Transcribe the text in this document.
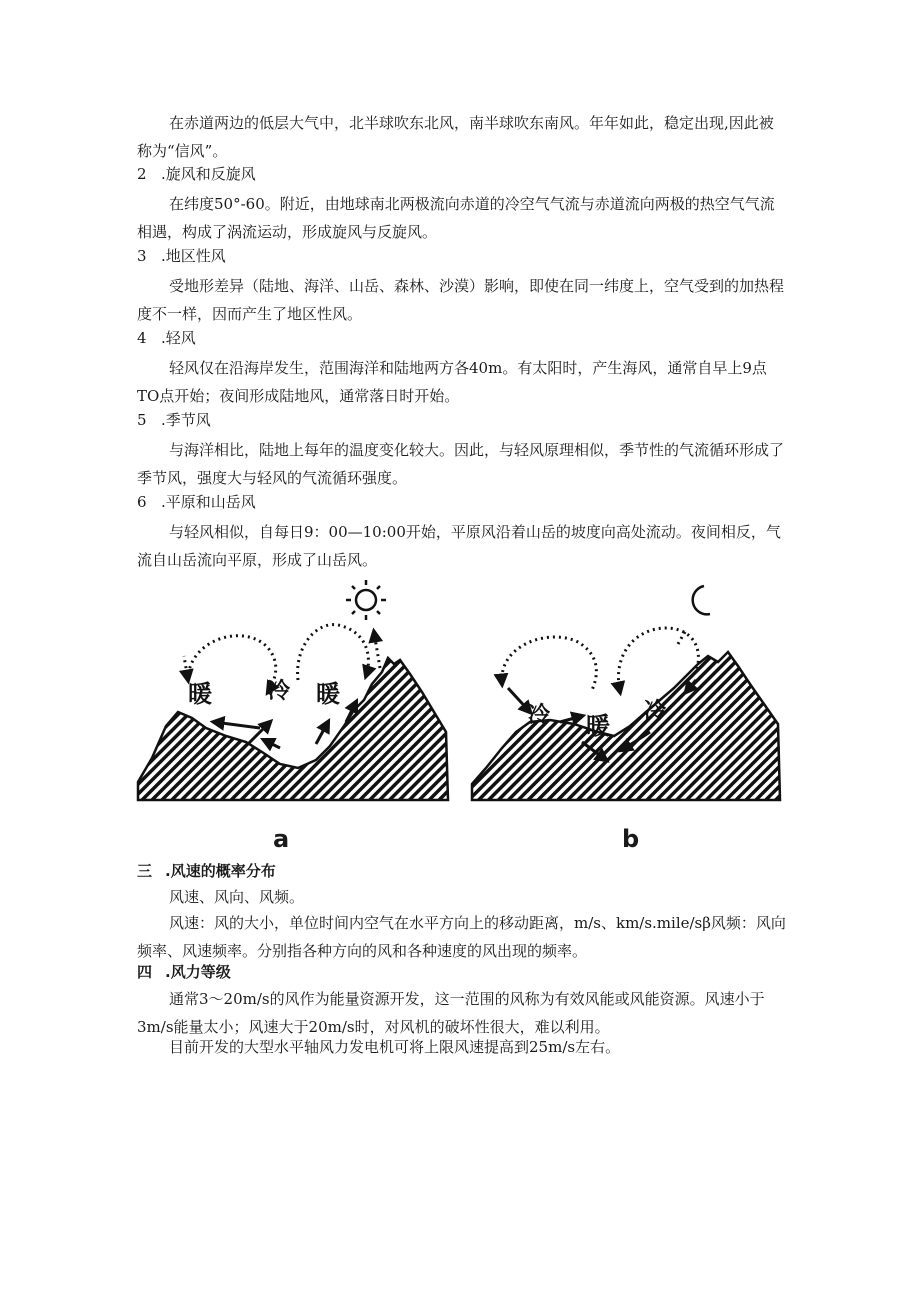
在赤道两边的低层大气中，北半球吹东北风，南半球吹东南风。年年如此，稳定出现,因此被称为“信风”。

2 .旋风和反旋风

在纬度50°-60。附近，由地球南北两极流向赤道的冷空气气流与赤道流向两极的热空气气流相遇，构成了涡流运动，形成旋风与反旋风。

3 .地区性风

受地形差异（陆地、海洋、山岳、森林、沙漠）影响，即使在同一纬度上，空气受到的加热程度不一样，因而产生了地区性风。

4 .轻风

轻风仅在沿海岸发生，范围海洋和陆地两方各40m。有太阳时，产生海风，通常自早上9点TO点开始；夜间形成陆地风，通常落日时开始。

5 .季节风

与海洋相比，陆地上每年的温度变化较大。因此，与轻风原理相似，季节性的气流循环形成了季节风，强度大与轻风的气流循环强度。

6 .平原和山岳风

与轻风相似，自每日9：00—10:00开始，平原风沿着山岳的坡度向高处流动。夜间相反，气流自山岳流向平原，形成了山岳风。

暖	冷 暖
冷 暖 冷
a	b

三 .风速的概率分布

风速、风向、风频。

风速：风的大小，单位时间内空气在水平方向上的移动距离，m/s、km/s.mile/sβ风频：风向频率、风速频率。分别指各种方向的风和各种速度的风出现的频率。

四 .风力等级

通常3～20m/s的风作为能量资源开发，这一范围的风称为有效风能或风能资源。风速小于3m/s能量太小；风速大于20m/s时，对风机的破坏性很大，难以利用。

目前开发的大型水平轴风力发电机可将上限风速提高到25m/s左右。
